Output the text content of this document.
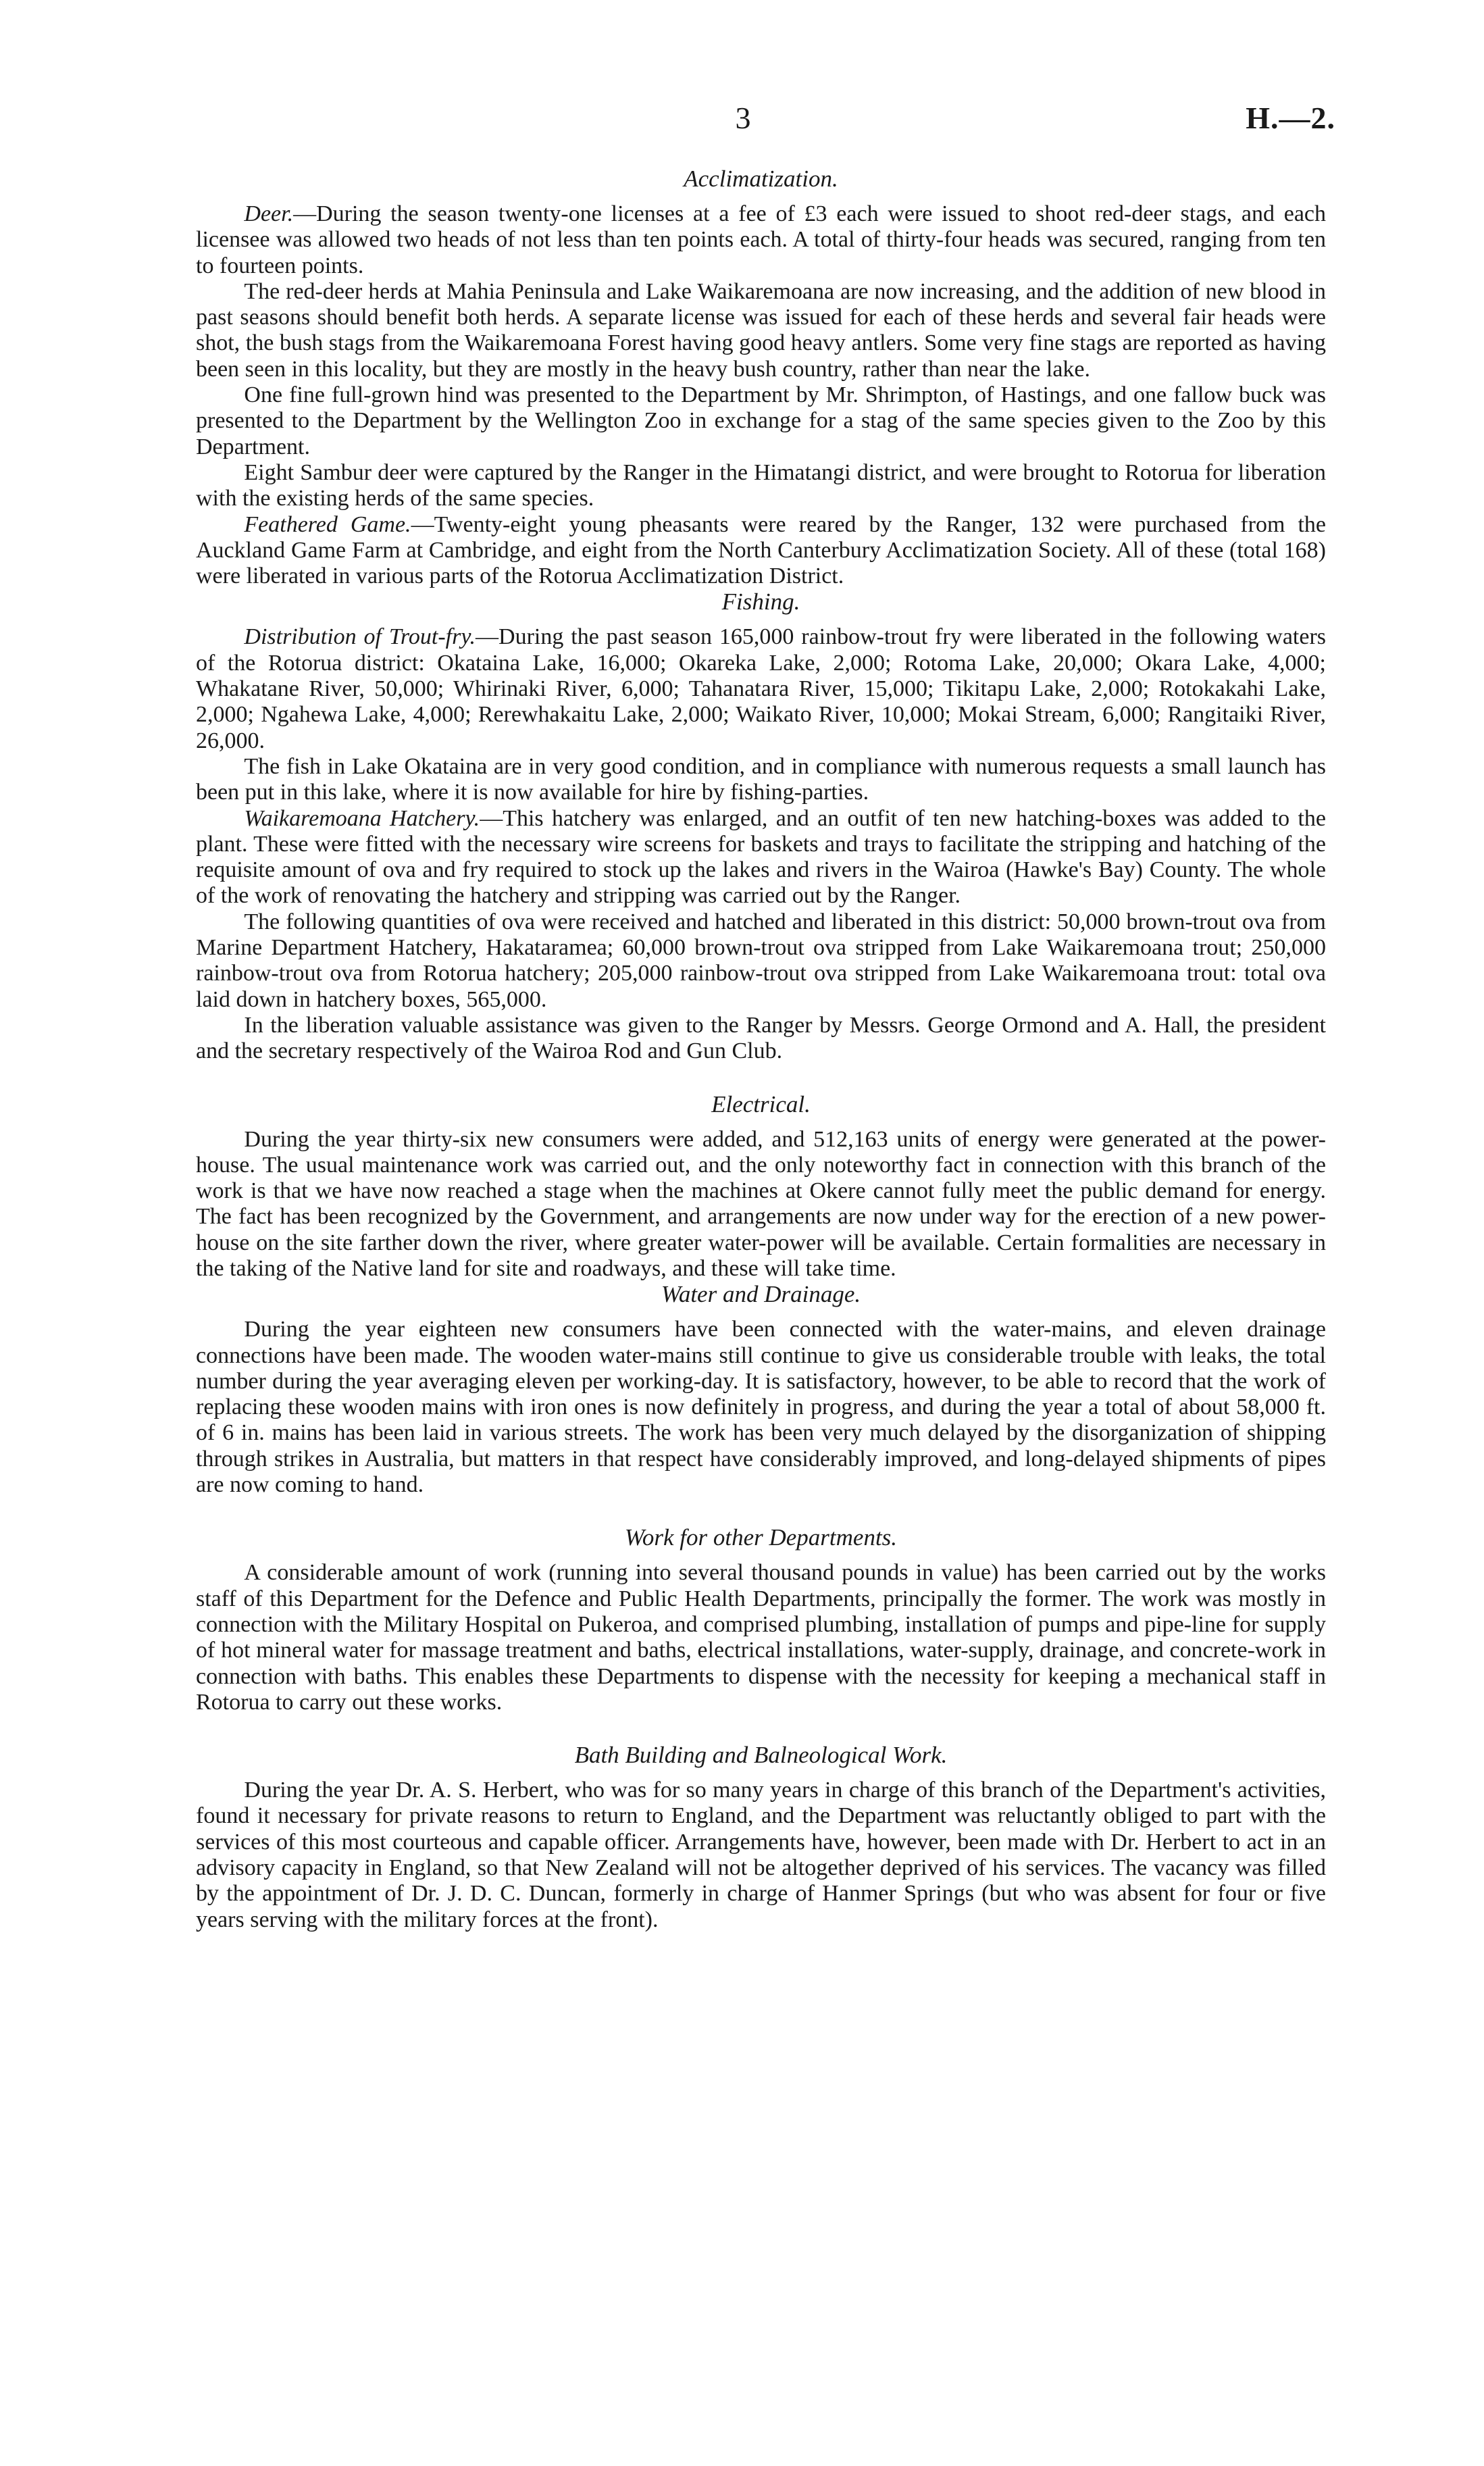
3	H.—2.
Acclimatization.

Deer.—During the season twenty-one licenses at a fee of £3 each were issued to shoot red-deer stags, and each licensee was allowed two heads of not less than ten points each. A total of thirty-four heads was secured, ranging from ten to fourteen points.

The red-deer herds at Mahia Peninsula and Lake Waikaremoana are now increasing, and the addition of new blood in past seasons should benefit both herds. A separate license was issued for each of these herds and several fair heads were shot, the bush stags from the Waikaremoana Forest having good heavy antlers. Some very fine stags are reported as having been seen in this locality, but they are mostly in the heavy bush country, rather than near the lake.

One fine full-grown hind was presented to the Department by Mr. Shrimpton, of Hastings, and one fallow buck was presented to the Department by the Wellington Zoo in exchange for a stag of the same species given to the Zoo by this Department.

Eight Sambur deer were captured by the Ranger in the Himatangi district, and were brought to Rotorua for liberation with the existing herds of the same species.

Feathered Game.—Twenty-eight young pheasants were reared by the Ranger, 132 were purchased from the Auckland Game Farm at Cambridge, and eight from the North Canterbury Acclimatization Society. All of these (total 168) were liberated in various parts of the Rotorua Acclimatization District.

Fishing.

Distribution of Trout-fry.—During the past season 165,000 rainbow-trout fry were liberated in the following waters of the Rotorua district: Okataina Lake, 16,000; Okareka Lake, 2,000; Rotoma Lake, 20,000; Okara Lake, 4,000; Whakatane River, 50,000; Whirinaki River, 6,000; Tahanatara River, 15,000; Tikitapu Lake, 2,000; Rotokakahi Lake, 2,000; Ngahewa Lake, 4,000; Rerewhakaitu Lake, 2,000; Waikato River, 10,000; Mokai Stream, 6,000; Rangitaiki River, 26,000.

The fish in Lake Okataina are in very good condition, and in compliance with numerous requests a small launch has been put in this lake, where it is now available for hire by fishing-parties.

Waikaremoana Hatchery.—This hatchery was enlarged, and an outfit of ten new hatching-boxes was added to the plant. These were fitted with the necessary wire screens for baskets and trays to facilitate the stripping and hatching of the requisite amount of ova and fry required to stock up the lakes and rivers in the Wairoa (Hawke's Bay) County. The whole of the work of renovating the hatchery and stripping was carried out by the Ranger.

The following quantities of ova were received and hatched and liberated in this district: 50,000 brown-trout ova from Marine Department Hatchery, Hakataramea; 60,000 brown-trout ova stripped from Lake Waikaremoana trout; 250,000 rainbow-trout ova from Rotorua hatchery; 205,000 rainbow-trout ova stripped from Lake Waikaremoana trout: total ova laid down in hatchery boxes, 565,000.

In the liberation valuable assistance was given to the Ranger by Messrs. George Ormond and A. Hall, the president and the secretary respectively of the Wairoa Rod and Gun Club.

Electrical.

During the year thirty-six new consumers were added, and 512,163 units of energy were generated at the power-house. The usual maintenance work was carried out, and the only noteworthy fact in connection with this branch of the work is that we have now reached a stage when the machines at Okere cannot fully meet the public demand for energy. The fact has been recognized by the Government, and arrangements are now under way for the erection of a new power-house on the site farther down the river, where greater water-power will be available. Certain formalities are necessary in the taking of the Native land for site and roadways, and these will take time.

Water and Drainage.

During the year eighteen new consumers have been connected with the water-mains, and eleven drainage connections have been made. The wooden water-mains still continue to give us considerable trouble with leaks, the total number during the year averaging eleven per working-day. It is satisfactory, however, to be able to record that the work of replacing these wooden mains with iron ones is now definitely in progress, and during the year a total of about 58,000 ft. of 6 in. mains has been laid in various streets. The work has been very much delayed by the disorganization of shipping through strikes in Australia, but matters in that respect have considerably improved, and long-delayed shipments of pipes are now coming to hand.

Work for other Departments.

A considerable amount of work (running into several thousand pounds in value) has been carried out by the works staff of this Department for the Defence and Public Health Departments, principally the former. The work was mostly in connection with the Military Hospital on Pukeroa, and comprised plumbing, installation of pumps and pipe-line for supply of hot mineral water for massage treatment and baths, electrical installations, water-supply, drainage, and concrete-work in connection with baths. This enables these Departments to dispense with the necessity for keeping a mechanical staff in Rotorua to carry out these works.

Bath Building and Balneological Work.

During the year Dr. A. S. Herbert, who was for so many years in charge of this branch of the Department's activities, found it necessary for private reasons to return to England, and the Department was reluctantly obliged to part with the services of this most courteous and capable officer. Arrangements have, however, been made with Dr. Herbert to act in an advisory capacity in England, so that New Zealand will not be altogether deprived of his services. The vacancy was filled by the appointment of Dr. J. D. C. Duncan, formerly in charge of Hanmer Springs (but who was absent for four or five years serving with the military forces at the front).
